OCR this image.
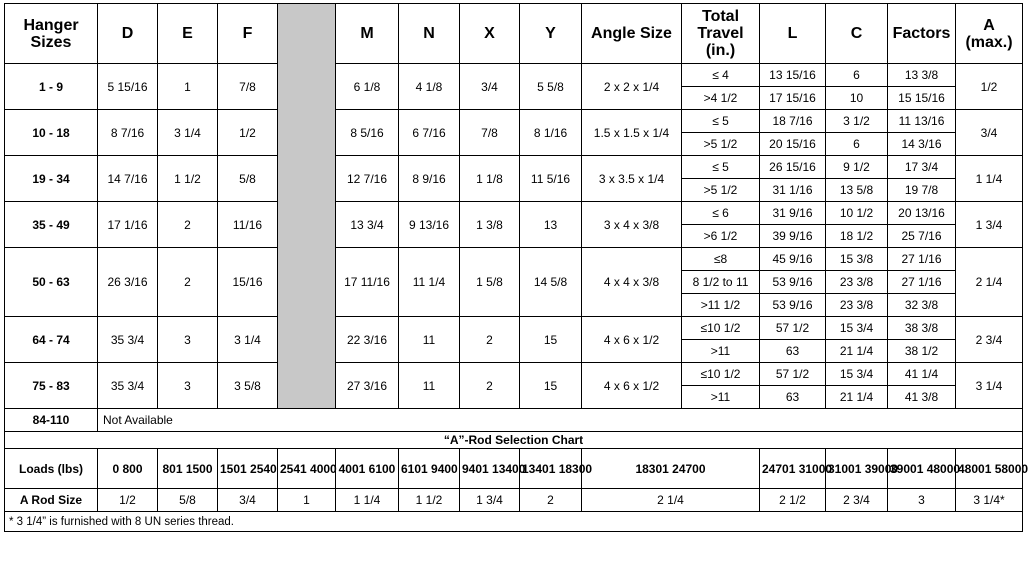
Hanger Sizes	D	E	F		M	N	X	Y	Angle Size	Total Travel (in.)	L	C	Factors	A (max.)	
1 - 9	5 15/16	1	7/8		6 1/8	4 1/8	3/4	5 5/8	2 x 2 x 1/4	≤ 4	13 15/16	6	13 3/8	1/2	
										>4 1/2	17 15/16	10	15 15/16		
10 - 18	8 7/16	3 1/4	1/2		8 5/16	6 7/16	7/8	8 1/16	1.5 x 1.5 x 1/4	≤ 5	18 7/16	3 1/2	11 13/16	3/4	
										>5 1/2	20 15/16	6	14 3/16		
19 - 34	14 7/16	1 1/2	5/8		12 7/16	8 9/16	1 1/8	11 5/16	3 x 3.5 x 1/4	≤ 5	26 15/16	9 1/2	17 3/4	1 1/4	
										>5 1/2	31 1/16	13 5/8	19 7/8		
35 - 49	17 1/16	2	11/16		13 3/4	9 13/16	1 3/8	13	3 x 4 x 3/8	≤ 6	31 9/16	10 1/2	20 13/16	1 3/4	
										>6 1/2	39 9/16	18 1/2	25 7/16		
50 - 63	26 3/16	2	15/16		17 11/16	11 1/4	1 5/8	14 5/8	4 x 4 x 3/8	≤8	45 9/16	15 3/8	27 1/16	2 1/4	
										8 1/2 to 11	53 9/16	23 3/8	27 1/16		
										>11 1/2	53 9/16	23 3/8	32 3/8		
64 - 74	35 3/4	3	3 1/4		22 3/16	11	2	15	4 x 6 x 1/2	≤10 1/2	57 1/2	15 3/4	38 3/8	2 3/4	
										>11	63	21 1/4	38 1/2		
75 - 83	35 3/4	3	3 5/8		27 3/16	11	2	15	4 x 6 x 1/2	≤10 1/2	57 1/2	15 3/4	41 1/4	3 1/4	
										>11	63	21 1/4	41 3/8		
84-110	Not Available														
“A”-Rod Selection Chart															
Loads (lbs)	0 800	801 1500	1501 2540	2541 4000	4001 6100	6101 9400	9401 13400	13401 18300	18301 24700		24701 31000	31001 39000	39001 48000	48001 58000	
A Rod Size	1/2	5/8	3/4	1	1 1/4	1 1/2	1 3/4	2	2 1/4		2 1/2	2 3/4	3	3 1/4*	
* 3 1/4” is furnished with 8 UN series thread.															
